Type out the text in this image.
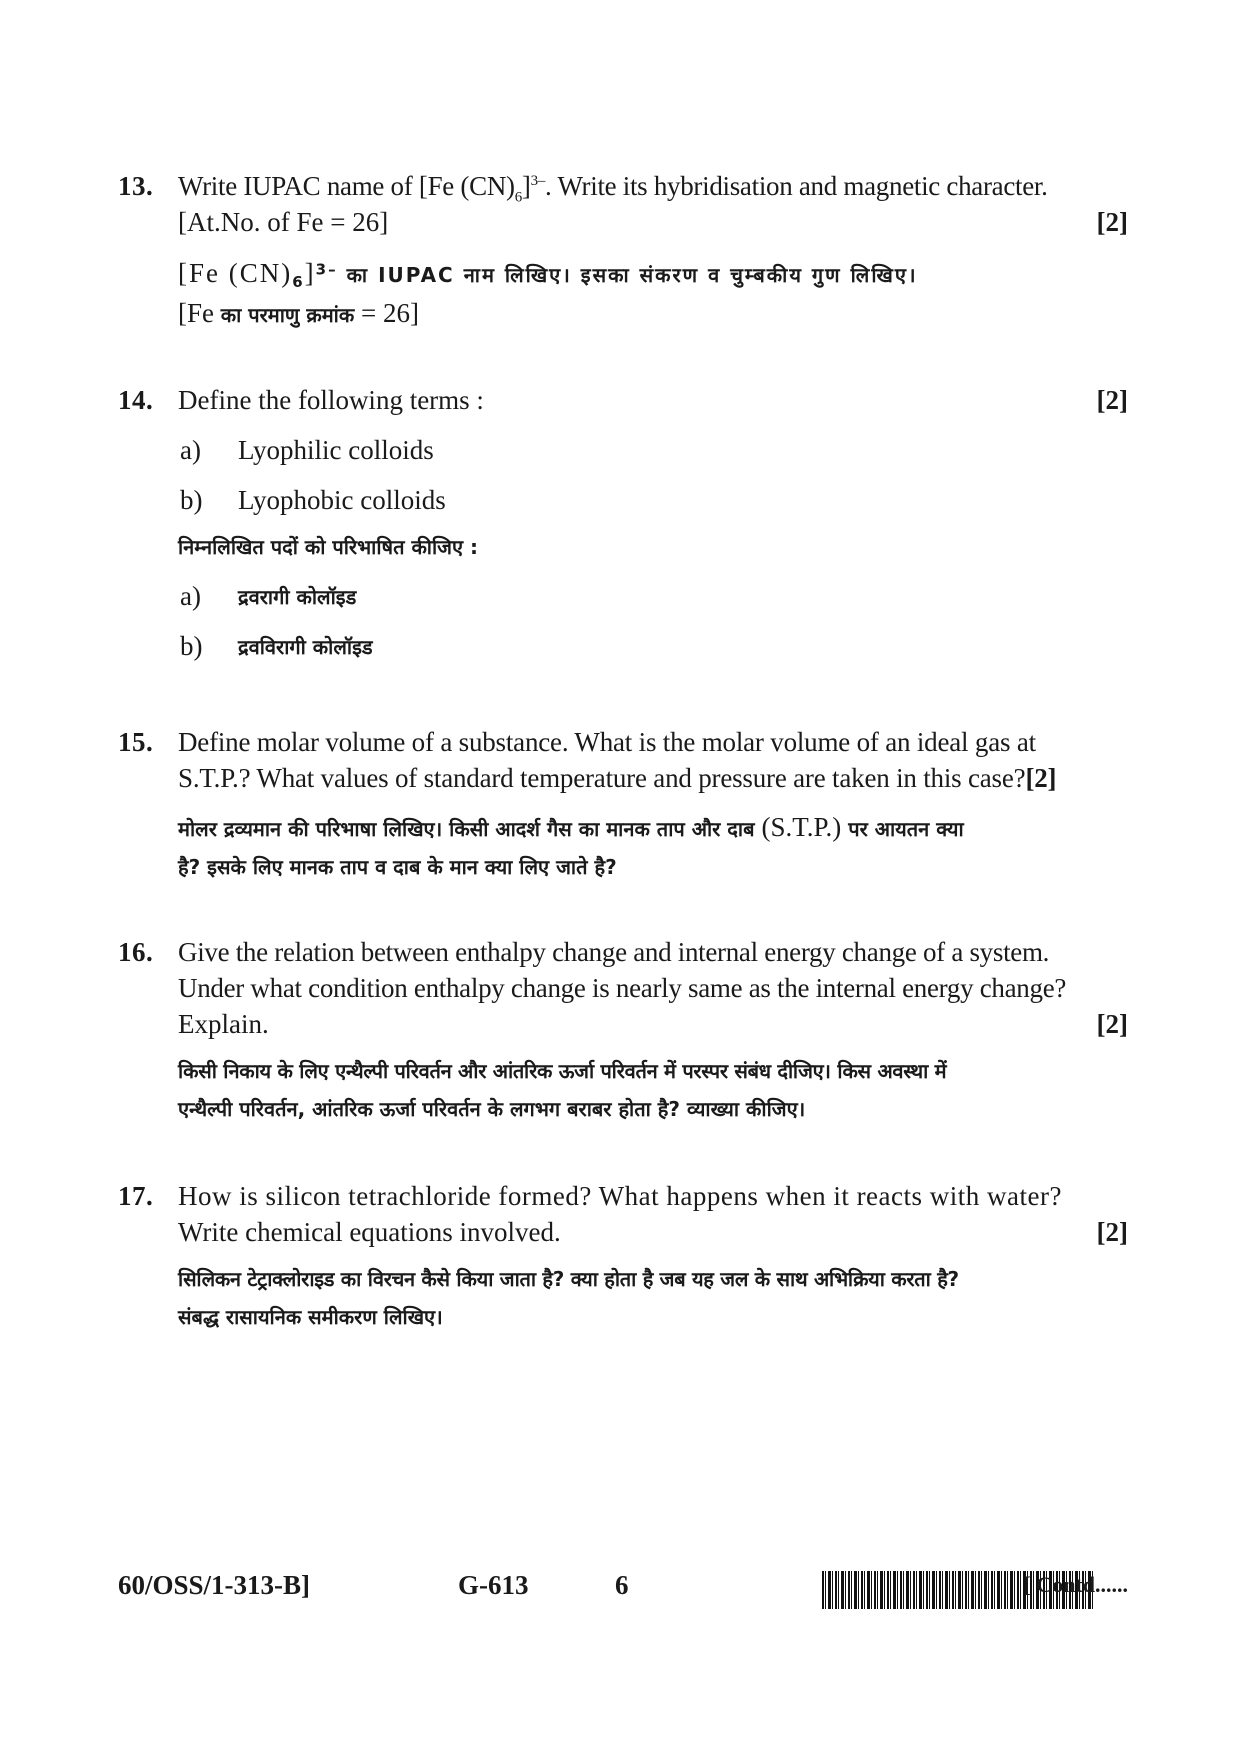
13. Write IUPAC name of [Fe $(CN)_6]^{3-}$. Write its hybridisation and magnetic character.
[At.No. of Fe = 26]	[2]
[Fe $(CN)_6]^{3-}$ का IUPAC नाम लिखिए। इसका संकरण व चुम्बकीय गुण लिखिए।
[Fe का परमाणु क्रमांक = 26]
14. Define the following terms :	[2]
a)	Lyophilic colloids
b)	Lyophobic colloids
निम्नलिखित पदों को परिभाषित कीजिए :
a)	द्रवरागी कोलॉइड
b)	द्रवविरागी कोलॉइड
15. Define molar volume of a substance. What is the molar volume of an ideal gas at
S.T.P.? What values of standard temperature and pressure are taken in this case?[2]
मोलर द्रव्यमान की परिभाषा लिखिए। किसी आदर्श गैस का मानक ताप और दाब (S.T.P.) पर आयतन क्या
है? इसके लिए मानक ताप व दाब के मान क्या लिए जाते है?
16. Give the relation between enthalpy change and internal energy change of a system.
Under what condition enthalpy change is nearly same as the internal energy change?
Explain.	[2]
किसी निकाय के लिए एन्थैल्पी परिवर्तन और आंतरिक ऊर्जा परिवर्तन में परस्पर संबंध दीजिए। किस अवस्था में
एन्थैल्पी परिवर्तन, आंतरिक ऊर्जा परिवर्तन के लगभग बराबर होता है? व्याख्या कीजिए।
17. How is silicon tetrachloride formed? What happens when it reacts with water?
Write chemical equations involved.	[2]
सिलिकन टेट्राक्लोराइड का विरचन कैसे किया जाता है? क्या होता है जब यह जल के साथ अभिक्रिया करता है?
संबद्ध रासायनिक समीकरण लिखिए।
60/OSS/1-313-B]	G-613	6	[ Contd......
